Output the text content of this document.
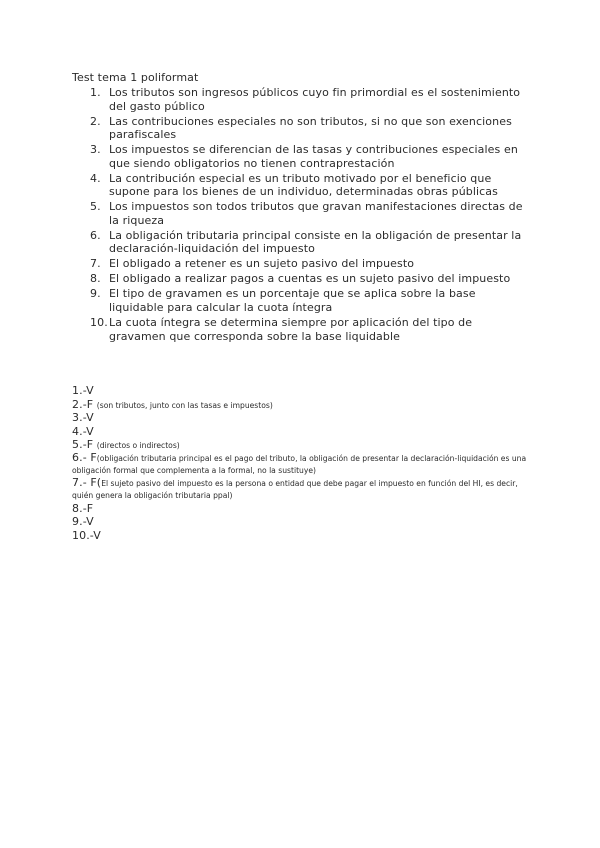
Test tema 1 poliformat
1. Los tributos son ingresos públicos cuyo fin primordial es el sostenimiento del gasto público
2. Las contribuciones especiales no son tributos, si no que son exenciones parafiscales
3. Los impuestos se diferencian de las tasas y contribuciones especiales en que siendo obligatorios no tienen contraprestación
4. La contribución especial es un tributo motivado por el beneficio que supone para los bienes de un individuo, determinadas obras públicas
5. Los impuestos son todos tributos que gravan manifestaciones directas de la riqueza
6. La obligación tributaria principal consiste en la obligación de presentar la declaración-liquidación del impuesto
7. El obligado a retener es un sujeto pasivo del impuesto
8. El obligado a realizar pagos a cuentas es un sujeto pasivo del impuesto
9. El tipo de gravamen es un porcentaje que se aplica sobre la base liquidable para calcular la cuota íntegra
10. La cuota íntegra se determina siempre por aplicación del tipo de gravamen que corresponda sobre la base liquidable

1.-V

2.-F (son tributos, junto con las tasas e impuestos)

3.-V

4.-V

5.-F (directos o indirectos)

6.- F(obligación tributaria principal es el pago del tributo, la obligación de presentar la declaración-liquidación es una obligación formal que complementa a la formal, no la sustituye)

7.- F(El sujeto pasivo del impuesto es la persona o entidad que debe pagar el impuesto en función del HI, es decir, quién genera la obligación tributaria ppal)

8.-F

9.-V

10.-V
